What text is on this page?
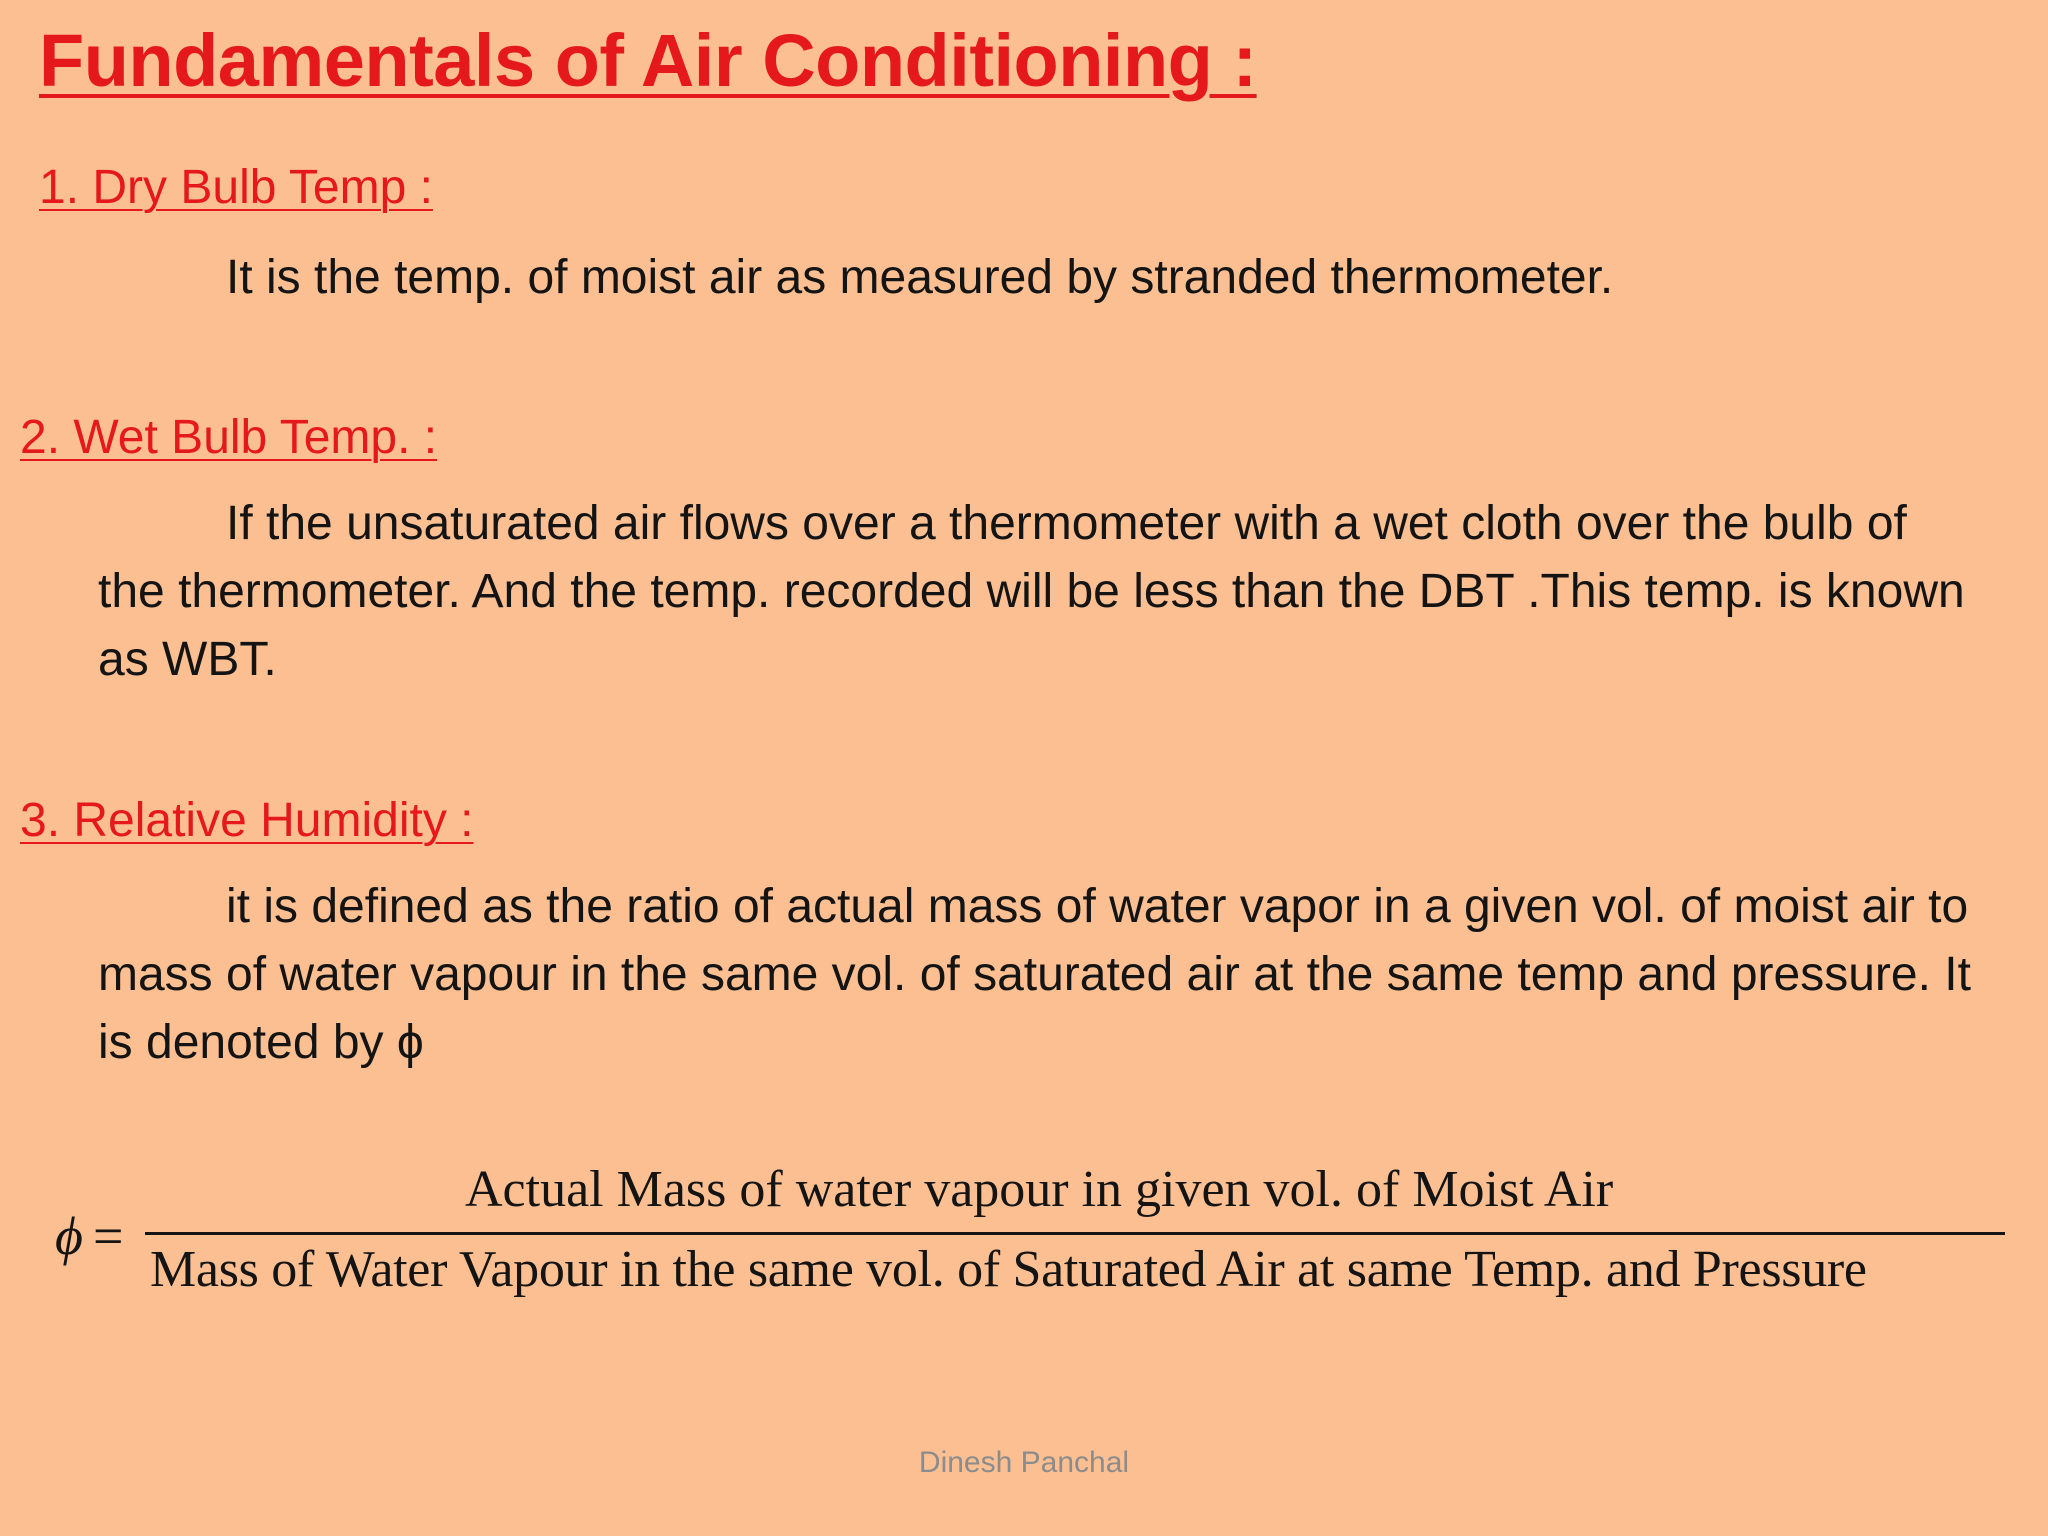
Fundamentals of Air Conditioning :
1. Dry Bulb Temp :

It is the temp. of moist air as measured by stranded thermometer.

2. Wet Bulb Temp. :

If the unsaturated air flows over a thermometer with a wet cloth over the bulb of the thermometer. And the temp. recorded will be less than the DBT .This temp. is known as WBT.

3. Relative Humidity :

it is defined as the ratio of actual mass of water vapor in a given vol. of moist air to mass of water vapour in the same vol. of saturated air at the same temp and pressure. It is denoted by ϕ

ϕ =
Actual Mass of water vapour in given vol. of Moist Air
Mass of Water Vapour in the same vol. of Saturated Air at same Temp. and Pressure
Dinesh Panchal
